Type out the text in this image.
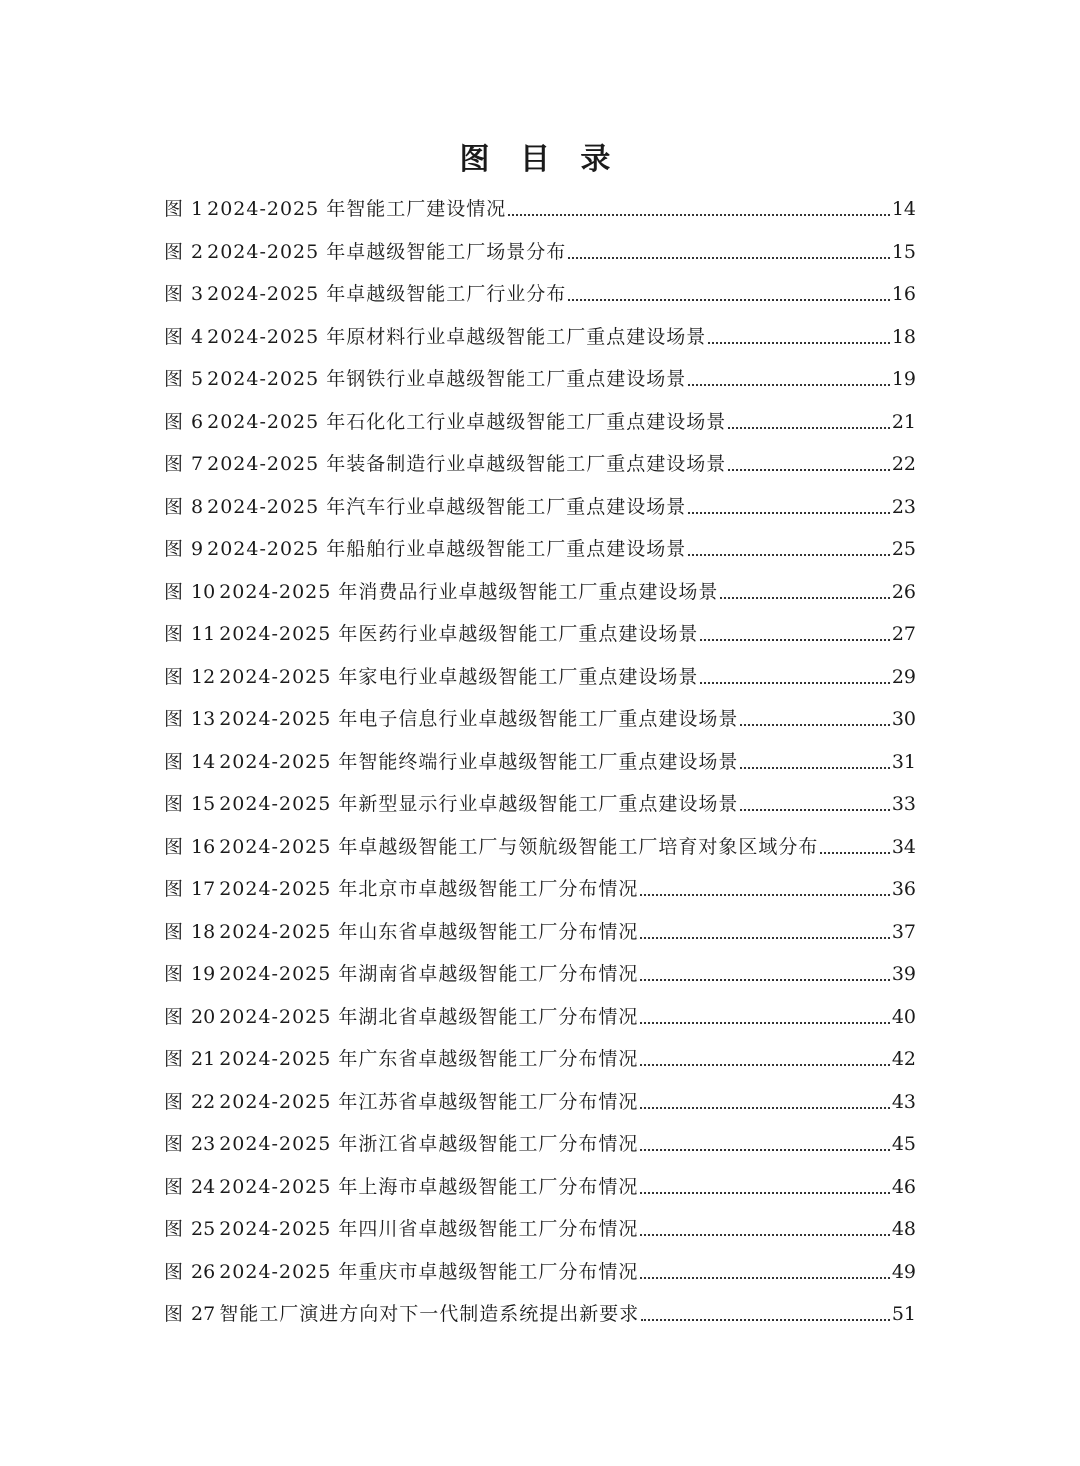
图 目 录
图 1 2024-2025 年智能工厂建设情况	14
图 2 2024-2025 年卓越级智能工厂场景分布	15
图 3 2024-2025 年卓越级智能工厂行业分布	16
图 4 2024-2025 年原材料行业卓越级智能工厂重点建设场景	18
图 5 2024-2025 年钢铁行业卓越级智能工厂重点建设场景	19
图 6 2024-2025 年石化化工行业卓越级智能工厂重点建设场景	21
图 7 2024-2025 年装备制造行业卓越级智能工厂重点建设场景	22
图 8 2024-2025 年汽车行业卓越级智能工厂重点建设场景	23
图 9 2024-2025 年船舶行业卓越级智能工厂重点建设场景	25
图 10 2024-2025 年消费品行业卓越级智能工厂重点建设场景	26
图 11 2024-2025 年医药行业卓越级智能工厂重点建设场景	27
图 12 2024-2025 年家电行业卓越级智能工厂重点建设场景	29
图 13 2024-2025 年电子信息行业卓越级智能工厂重点建设场景	30
图 14 2024-2025 年智能终端行业卓越级智能工厂重点建设场景	31
图 15 2024-2025 年新型显示行业卓越级智能工厂重点建设场景	33
图 16 2024-2025 年卓越级智能工厂与领航级智能工厂培育对象区域分布	34
图 17 2024-2025 年北京市卓越级智能工厂分布情况	36
图 18 2024-2025 年山东省卓越级智能工厂分布情况	37
图 19 2024-2025 年湖南省卓越级智能工厂分布情况	39
图 20 2024-2025 年湖北省卓越级智能工厂分布情况	40
图 21 2024-2025 年广东省卓越级智能工厂分布情况	42
图 22 2024-2025 年江苏省卓越级智能工厂分布情况	43
图 23 2024-2025 年浙江省卓越级智能工厂分布情况	45
图 24 2024-2025 年上海市卓越级智能工厂分布情况	46
图 25 2024-2025 年四川省卓越级智能工厂分布情况	48
图 26 2024-2025 年重庆市卓越级智能工厂分布情况	49
图 27 智能工厂演进方向对下一代制造系统提出新要求	51
